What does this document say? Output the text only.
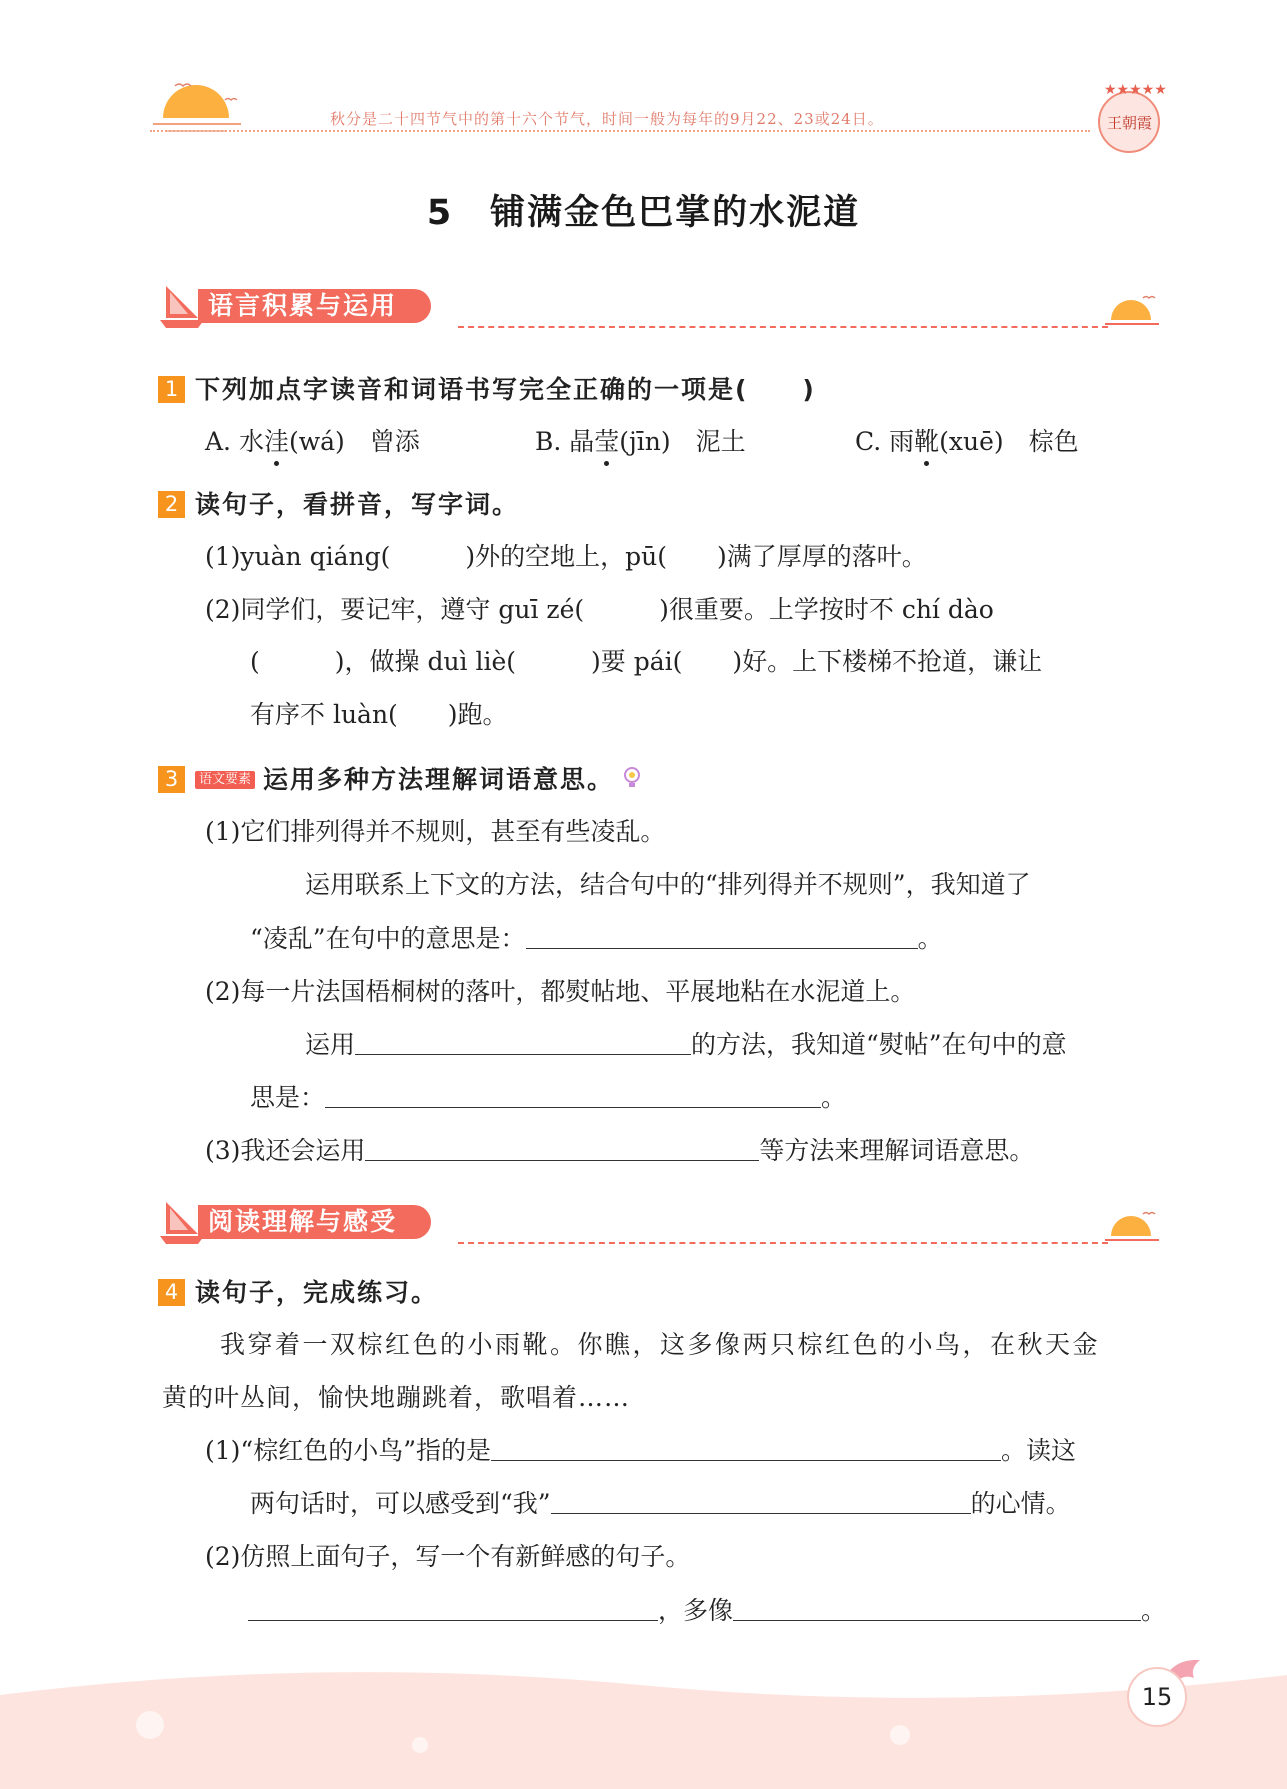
秋分是二十四节气中的第十六个节气，时间一般为每年的9月22、23或24日。
★★★★★
王朝霞
5　铺满金色巴掌的水泥道
语言积累与运用
1 下列加点字读音和词语书写完全正确的一项是(　　)
A. 水洼(wá)　曾添	B. 晶莹(jīn)　泥土	C. 雨靴(xuē)　棕色
2 读句子，看拼音，写字词。
(1)yuàn qiáng(　　　)外的空地上，pū(　　)满了厚厚的落叶。
(2)同学们，要记牢，遵守 guī zé(　　　)很重要。上学按时不 chí dào
(　　　)，做操 duì liè(　　　)要 pái(　　)好。上下楼梯不抢道，谦让
有序不 luàn(　　)跑。
3 语文要素 运用多种方法理解词语意思。
(1)它们排列得并不规则，甚至有些凌乱。
运用联系上下文的方法，结合句中的“排列得并不规则”，我知道了
“凌乱”在句中的意思是：	。
(2)每一片法国梧桐树的落叶，都熨帖地、平展地粘在水泥道上。
运用	的方法，我知道“熨帖”在句中的意
思是：	。
(3)我还会运用	等方法来理解词语意思。
阅读理解与感受
4 读句子，完成练习。
我穿着一双棕红色的小雨靴。你瞧，这多像两只棕红色的小鸟，在秋天金
黄的叶丛间，愉快地蹦跳着，歌唱着……
(1)“棕红色的小鸟”指的是	。读这
两句话时，可以感受到“我”	的心情。
(2)仿照上面句子，写一个有新鲜感的句子。
，多像	。
15
